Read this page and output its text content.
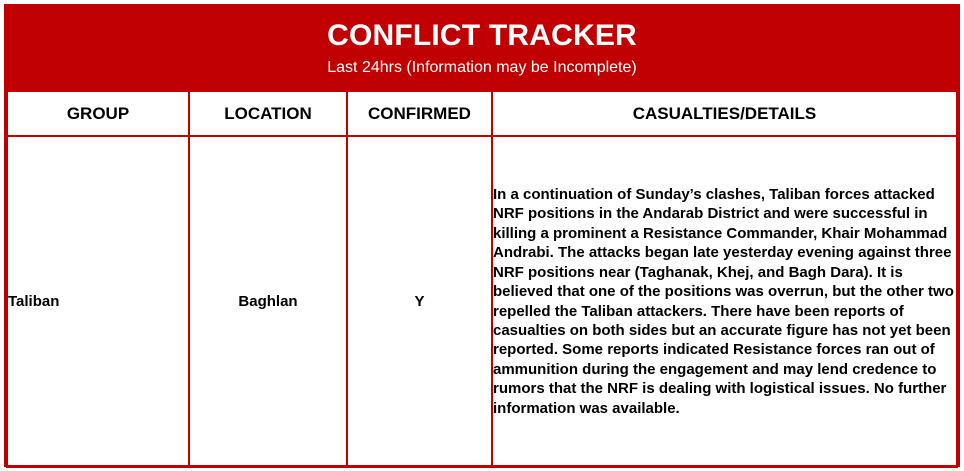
CONFLICT TRACKER
Last 24hrs (Information may be Incomplete)
GROUP	LOCATION	CONFIRMED	CASUALTIES/DETAILS
Taliban	Baghlan	Y	In a continuation of Sunday’s clashes, Taliban forces attacked NRF positions in the Andarab District and were successful in killing a prominent a Resistance Commander, Khair Mohammad Andrabi. The attacks began late yesterday evening against three NRF positions near (Taghanak, Khej, and Bagh Dara). It is believed that one of the positions was overrun, but the other two repelled the Taliban attackers. There have been reports of casualties on both sides but an accurate figure has not yet been reported. Some reports indicated Resistance forces ran out of ammunition during the engagement and may lend credence to rumors that the NRF is dealing with logistical issues. No further information was available.
